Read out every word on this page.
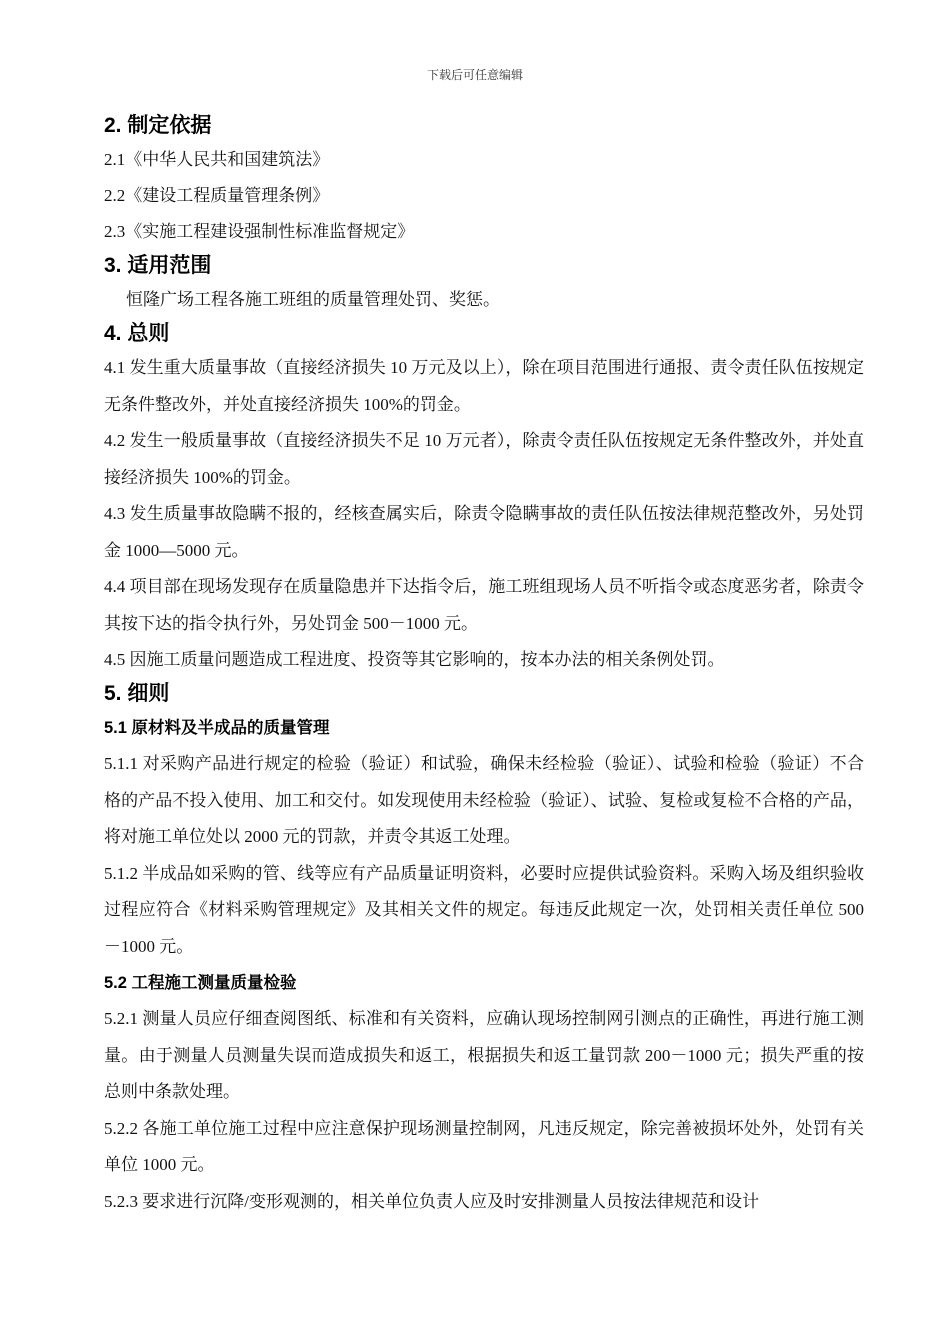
下载后可任意编辑
2. 制定依据
2.1《中华人民共和国建筑法》
2.2《建设工程质量管理条例》
2.3《实施工程建设强制性标准监督规定》
3. 适用范围
恒隆广场工程各施工班组的质量管理处罚、奖惩。
4. 总则
4.1 发生重大质量事故（直接经济损失 10 万元及以上），除在项目范围进行通报、责令责任队伍按规定无条件整改外，并处直接经济损失 100%的罚金。
4.2 发生一般质量事故（直接经济损失不足 10 万元者），除责令责任队伍按规定无条件整改外，并处直接经济损失 100%的罚金。
4.3 发生质量事故隐瞒不报的，经核查属实后，除责令隐瞒事故的责任队伍按法律规范整改外，另处罚金 1000—5000 元。
4.4 项目部在现场发现存在质量隐患并下达指令后，施工班组现场人员不听指令或态度恶劣者，除责令其按下达的指令执行外，另处罚金 500－1000 元。
4.5 因施工质量问题造成工程进度、投资等其它影响的，按本办法的相关条例处罚。
5. 细则
5.1 原材料及半成品的质量管理
5.1.1 对采购产品进行规定的检验（验证）和试验，确保未经检验（验证）、试验和检验（验证）不合格的产品不投入使用、加工和交付。如发现使用未经检验（验证）、试验、复检或复检不合格的产品，将对施工单位处以 2000 元的罚款，并责令其返工处理。
5.1.2 半成品如采购的管、线等应有产品质量证明资料，必要时应提供试验资料。采购入场及组织验收过程应符合《材料采购管理规定》及其相关文件的规定。每违反此规定一次，处罚相关责任单位 500－1000 元。
5.2 工程施工测量质量检验
5.2.1 测量人员应仔细查阅图纸、标准和有关资料，应确认现场控制网引测点的正确性，再进行施工测量。由于测量人员测量失误而造成损失和返工，根据损失和返工量罚款 200－1000 元；损失严重的按总则中条款处理。
5.2.2 各施工单位施工过程中应注意保护现场测量控制网，凡违反规定，除完善被损坏处外，处罚有关单位 1000 元。
5.2.3 要求进行沉降/变形观测的，相关单位负责人应及时安排测量人员按法律规范和设计
